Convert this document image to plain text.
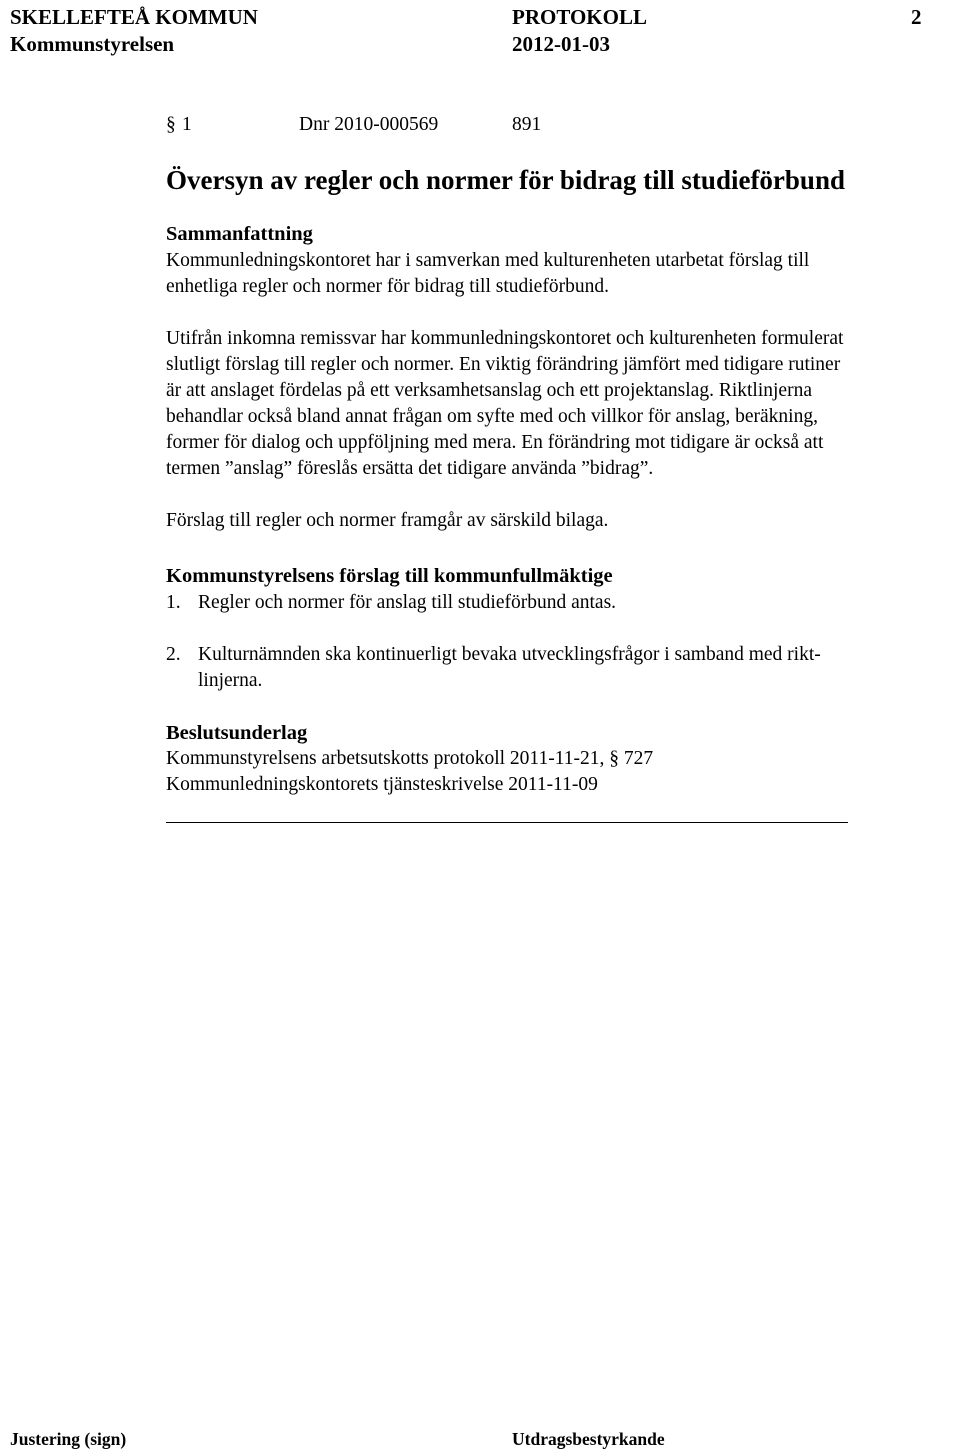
SKELLEFTEÅ KOMMUN	PROTOKOLL	2
Kommunstyrelsen	2012-01-03
§ 1	Dnr 2010-000569	891
Översyn av regler och normer för bidrag till studieförbund
Sammanfattning
Kommunledningskontoret har i samverkan med kulturenheten utarbetat förslag till
enhetliga regler och normer för bidrag till studieförbund.
Utifrån inkomna remissvar har kommunledningskontoret och kulturenheten formulerat
slutligt förslag till regler och normer. En viktig förändring jämfört med tidigare rutiner
är att anslaget fördelas på ett verksamhetsanslag och ett projektanslag. Riktlinjerna
behandlar också bland annat frågan om syfte med och villkor för anslag, beräkning,
former för dialog och uppföljning med mera. En förändring mot tidigare är också att
termen ”anslag” föreslås ersätta det tidigare använda ”bidrag”.
Förslag till regler och normer framgår av särskild bilaga.
Kommunstyrelsens förslag till kommunfullmäktige
1. Regler och normer för anslag till studieförbund antas.
2. Kulturnämnden ska kontinuerligt bevaka utvecklingsfrågor i samband med rikt-
linjerna.
Beslutsunderlag
Kommunstyrelsens arbetsutskotts protokoll 2011-11-21, § 727
Kommunledningskontorets tjänsteskrivelse 2011-11-09
Justering (sign)	Utdragsbestyrkande
